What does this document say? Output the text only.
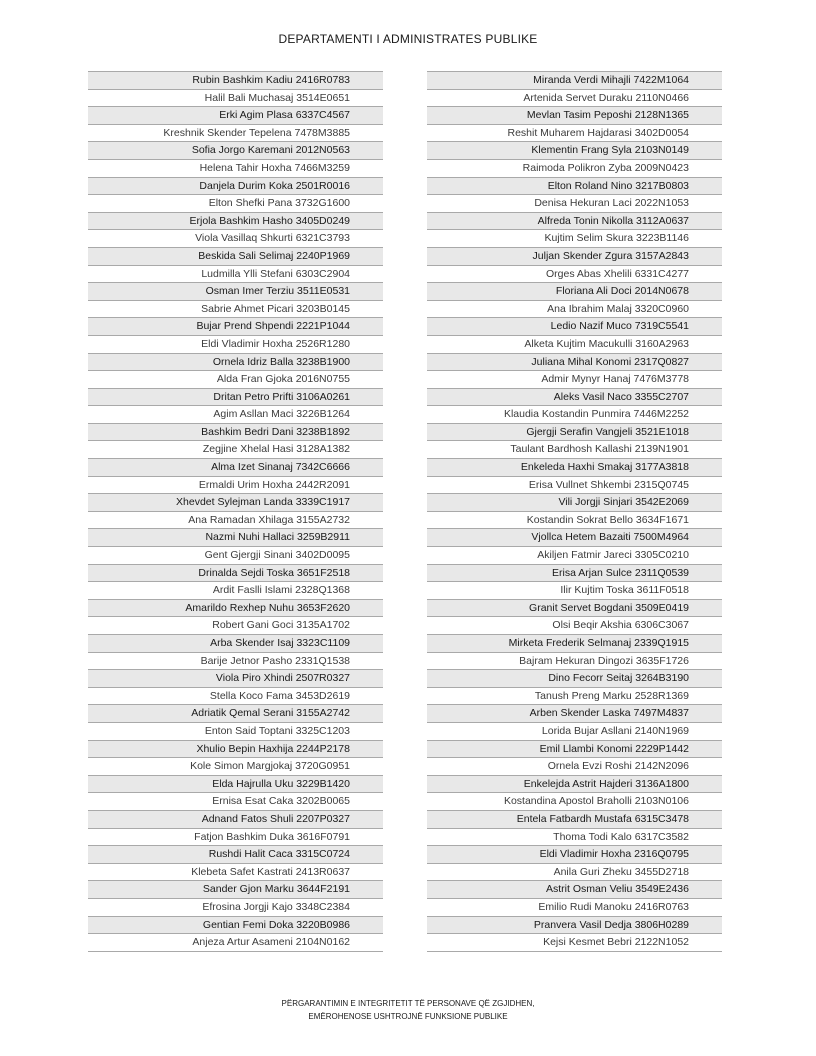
DEPARTAMENTI I ADMINISTRATES PUBLIKE
Rubin Bashkim Kadiu 2416R0783
Halil Bali Muchasaj 3514E0651
Erki Agim Plasa 6337C4567
Kreshnik Skender Tepelena 7478M3885
Sofia Jorgo Karemani 2012N0563
Helena Tahir Hoxha 7466M3259
Danjela Durim Koka 2501R0016
Elton Shefki Pana 3732G1600
Erjola Bashkim Hasho 3405D0249
Viola Vasillaq Shkurti 6321C3793
Beskida Sali Selimaj 2240P1969
Ludmilla Ylli Stefani 6303C2904
Osman Imer Terziu 3511E0531
Sabrie Ahmet Picari 3203B0145
Bujar Prend Shpendi 2221P1044
Eldi Vladimir Hoxha 2526R1280
Ornela Idriz Balla 3238B1900
Alda Fran Gjoka 2016N0755
Dritan Petro Prifti 3106A0261
Agim Asllan Maci 3226B1264
Bashkim Bedri Dani 3238B1892
Zegjine Xhelal Hasi 3128A1382
Alma Izet Sinanaj 7342C6666
Ermaldi Urim Hoxha 2442R2091
Xhevdet Sylejman Landa 3339C1917
Ana Ramadan Xhilaga 3155A2732
Nazmi Nuhi Hallaci 3259B2911
Gent Gjergji Sinani 3402D0095
Drinalda Sejdi Toska 3651F2518
Ardit Faslli Islami 2328Q1368
Amarildo Rexhep Nuhu 3653F2620
Robert Gani Goci 3135A1702
Arba Skender Isaj 3323C1109
Barije Jetnor Pasho 2331Q1538
Viola Piro Xhindi 2507R0327
Stella Koco Fama 3453D2619
Adriatik Qemal Serani 3155A2742
Enton Said Toptani 3325C1203
Xhulio Bepin Haxhija 2244P2178
Kole Simon Margjokaj 3720G0951
Elda Hajrulla Uku 3229B1420
Ernisa Esat Caka 3202B0065
Adnand Fatos Shuli 2207P0327
Fatjon Bashkim Duka 3616F0791
Rushdi Halit Caca 3315C0724
Klebeta Safet Kastrati 2413R0637
Sander Gjon Marku 3644F2191
Efrosina Jorgji Kajo 3348C2384
Gentian Femi Doka 3220B0986
Anjeza Artur Asameni 2104N0162
Miranda Verdi Mihajli 7422M1064
Artenida Servet Duraku 2110N0466
Mevlan Tasim Peposhi 2128N1365
Reshit Muharem Hajdarasi 3402D0054
Klementin Frang Syla 2103N0149
Raimoda Polikron Zyba 2009N0423
Elton Roland Nino 3217B0803
Denisa Hekuran Laci 2022N1053
Alfreda Tonin Nikolla 3112A0637
Kujtim Selim Skura 3223B1146
Juljan Skender Zgura 3157A2843
Orges Abas Xhelili 6331C4277
Floriana Ali Doci 2014N0678
Ana Ibrahim Malaj 3320C0960
Ledio Nazif Muco 7319C5541
Alketa Kujtim Macukulli 3160A2963
Juliana Mihal Konomi 2317Q0827
Admir Mynyr Hanaj 7476M3778
Aleks Vasil Naco 3355C2707
Klaudia Kostandin Punmira 7446M2252
Gjergji Serafin Vangjeli 3521E1018
Taulant Bardhosh Kallashi 2139N1901
Enkeleda Haxhi Smakaj 3177A3818
Erisa Vullnet Shkembi 2315Q0745
Vili Jorgji Sinjari 3542E2069
Kostandin Sokrat Bello 3634F1671
Vjollca Hetem Bazaiti 7500M4964
Akiljen Fatmir Jareci 3305C0210
Erisa Arjan Sulce 2311Q0539
Ilir Kujtim Toska 3611F0518
Granit Servet Bogdani 3509E0419
Olsi Beqir Akshia 6306C3067
Mirketa Frederik Selmanaj 2339Q1915
Bajram Hekuran Dingozi 3635F1726
Dino Fecorr Seitaj 3264B3190
Tanush Preng Marku 2528R1369
Arben Skender Laska 7497M4837
Lorida Bujar Asllani 2140N1969
Emil Llambi Konomi 2229P1442
Ornela Evzi Roshi 2142N2096
Enkelejda Astrit Hajderi 3136A1800
Kostandina Apostol Braholli 2103N0106
Entela Fatbardh Mustafa 6315C3478
Thoma Todi Kalo 6317C3582
Eldi Vladimir Hoxha 2316Q0795
Anila Guri Zheku 3455D2718
Astrit Osman Veliu 3549E2436
Emilio Rudi Manoku 2416R0763
Pranvera Vasil Dedja 3806H0289
Kejsi Kesmet Bebri 2122N1052
PËRGARANTIMIN E INTEGRITETIT TË PERSONAVE QË ZGJIDHEN,
EMËROHENOSE USHTROJNË FUNKSIONE PUBLIKE
